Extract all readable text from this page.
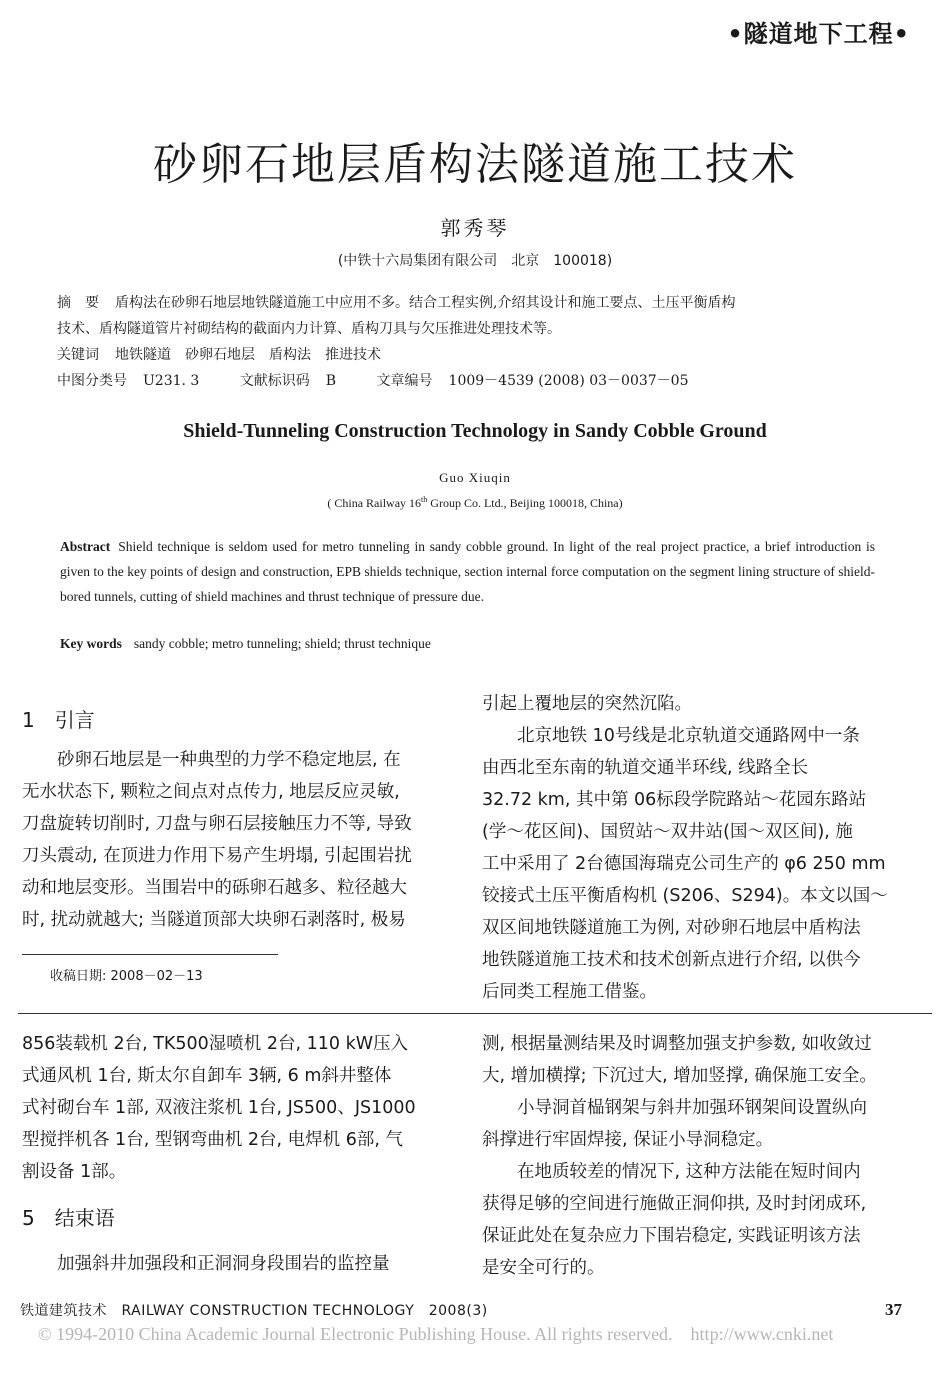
•隧道地下工程•
砂卵石地层盾构法隧道施工技术
郭秀琴
(中铁十六局集团有限公司　北京　100018)
摘　要 盾构法在砂卵石地层地铁隧道施工中应用不多。结合工程实例,介绍其设计和施工要点、土压平衡盾构
技术、盾构隧道管片衬砌结构的截面内力计算、盾构刀具与欠压推进处理技术等。
关键词 地铁隧道　砂卵石地层　盾构法　推进技术
中图分类号 U231. 3	文献标识码 B	文章编号 1009－4539 (2008) 03－0037－05
Shield-Tunneling Construction Technology in Sandy Cobble Ground
Guo Xiuqin
( China Railway 16th Group Co. Ltd., Beijing 100018, China)
Abstract Shield technique is seldom used for metro tunneling in sandy cobble ground. In light of the real project practice, a brief introduction is given to the key points of design and construction, EPB shields technique, section internal force computation on the segment lining structure of shield-bored tunnels, cutting of shield machines and thrust technique of pressure due.
Key words sandy cobble; metro tunneling; shield; thrust technique
1　引言

砂卵石地层是一种典型的力学不稳定地层, 在

无水状态下, 颗粒之间点对点传力, 地层反应灵敏,

刀盘旋转切削时, 刀盘与卵石层接触压力不等, 导致

刀头震动, 在顶进力作用下易产生坍塌, 引起围岩扰

动和地层变形。当围岩中的砾卵石越多、粒径越大

时, 扰动就越大; 当隧道顶部大块卵石剥落时, 极易

收稿日期: 2008－02－13

引起上覆地层的突然沉陷。

北京地铁 10号线是北京轨道交通路网中一条

由西北至东南的轨道交通半环线, 线路全长

32.72 km, 其中第 06标段学院路站～花园东路站

(学～花区间)、国贸站～双井站(国～双区间), 施

工中采用了 2台德国海瑞克公司生产的 φ6 250 mm

铰接式土压平衡盾构机 (S206、S294)。本文以国～

双区间地铁隧道施工为例, 对砂卵石地层中盾构法

地铁隧道施工技术和技术创新点进行介绍, 以供今

后同类工程施工借鉴。

856装载机 2台, TK500湿喷机 2台, 110 kW压入

式通风机 1台, 斯太尔自卸车 3辆, 6 m斜井整体

式衬砌台车 1部, 双液注浆机 1台, JS500、JS1000

型搅拌机各 1台, 型钢弯曲机 2台, 电焊机 6部, 气

割设备 1部。

5　结束语

加强斜井加强段和正洞洞身段围岩的监控量

测, 根据量测结果及时调整加强支护参数, 如收敛过

大, 增加横撑; 下沉过大, 增加竖撑, 确保施工安全。

小导洞首榀钢架与斜井加强环钢架间设置纵向

斜撑进行牢固焊接, 保证小导洞稳定。

在地质较差的情况下, 这种方法能在短时间内

获得足够的空间进行施做正洞仰拱, 及时封闭成环,

保证此处在复杂应力下围岩稳定, 实践证明该方法

是安全可行的。

铁道建筑技术　RAILWAY CONSTRUCTION TECHNOLOGY　2008(3)	37
© 1994-2010 China Academic Journal Electronic Publishing House. All rights reserved.　http://www.cnki.net
